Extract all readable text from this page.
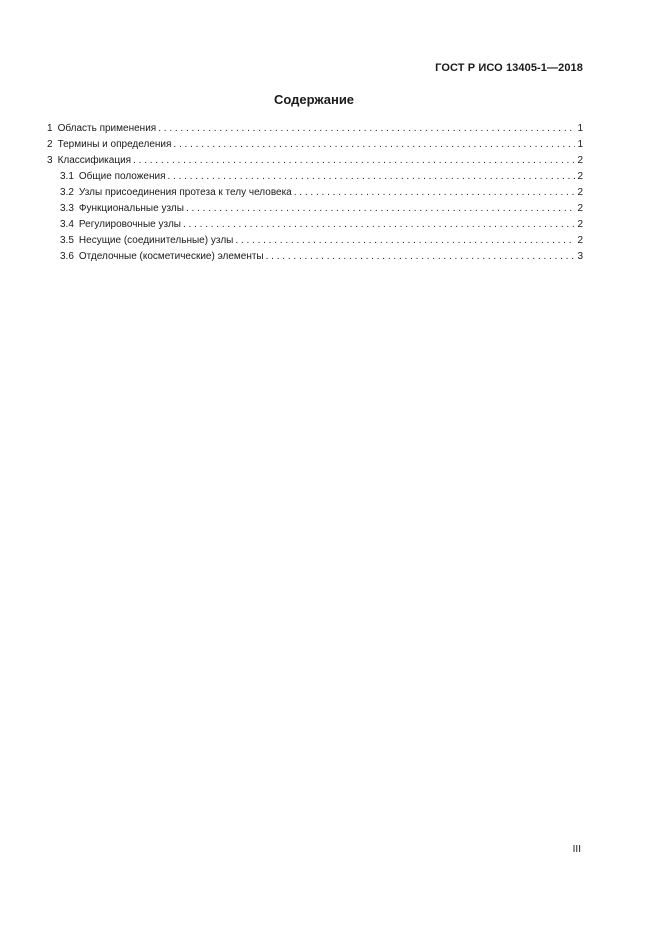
ГОСТ Р ИСО 13405-1—2018
Содержание
1 Область применения . . .	1
2 Термины и определения . . .	1
3 Классификация . . .	2
3.1 Общие положения . . .	2
3.2 Узлы присоединения протеза к телу человека . . .	2
3.3 Функциональные узлы . . .	2
3.4 Регулировочные узлы . . .	2
3.5 Несущие (соединительные) узлы . . .	2
3.6 Отделочные (косметические) элементы . . .	3
III
